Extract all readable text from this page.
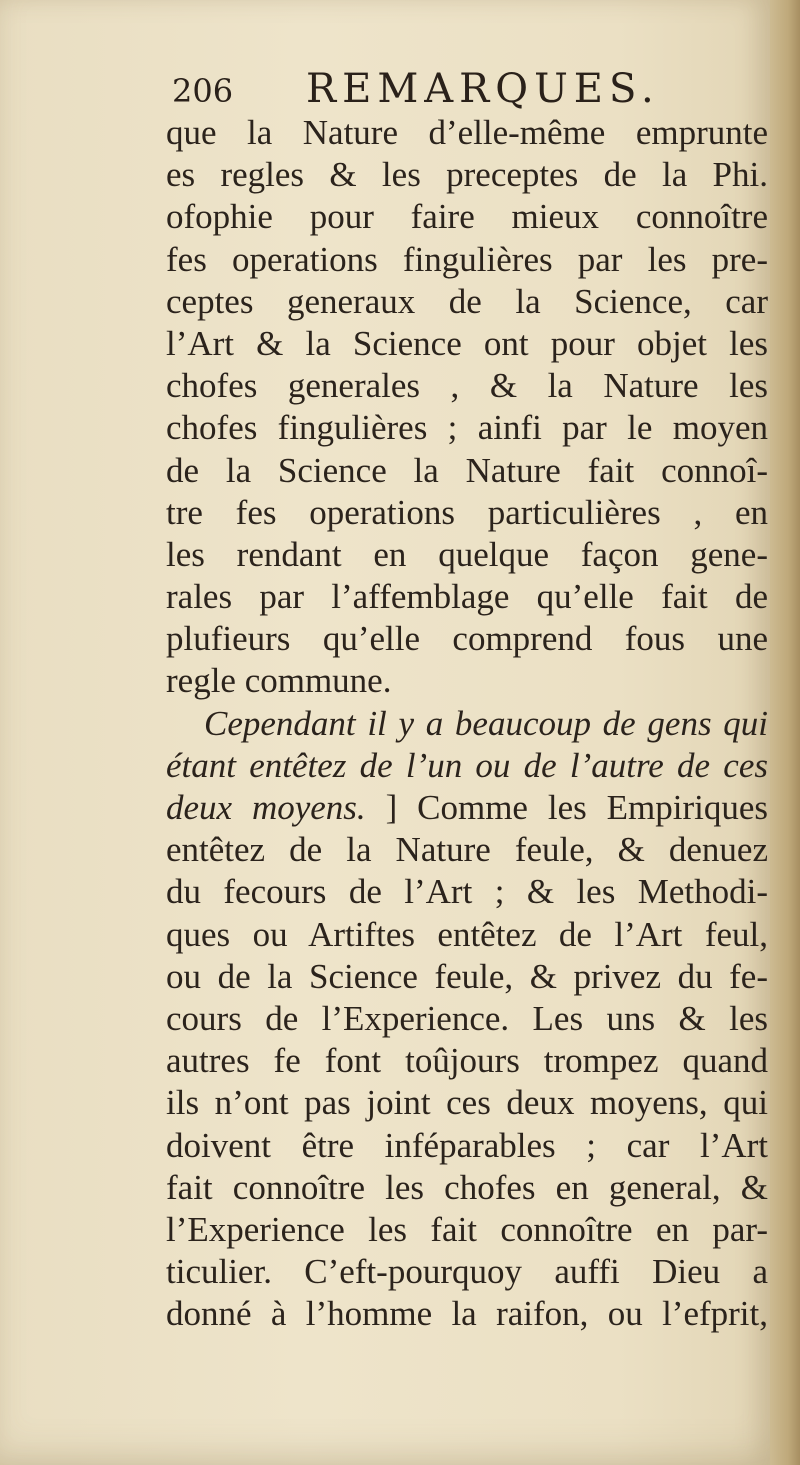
206 REMARQUES.
que la Nature d’elle-même emprunte
es regles & les preceptes de la Phi.
ofophie pour faire mieux connoître
fes operations fingulières par les pre-
ceptes generaux de la Science, car
l’Art & la Science ont pour objet les
chofes generales , & la Nature les
chofes fingulières ; ainfi par le moyen
de la Science la Nature fait connoî-
tre fes operations particulières , en
les rendant en quelque façon gene-
rales par l’affemblage qu’elle fait de
plufieurs qu’elle comprend fous une
regle commune.
Cependant il y a beaucoup de gens qui
étant entêtez de l’un ou de l’autre de ces
deux moyens. ] Comme les Empiriques
entêtez de la Nature feule, & denuez
du fecours de l’Art ; & les Methodi-
ques ou Artiftes entêtez de l’Art feul,
ou de la Science feule, & privez du fe-
cours de l’Experience. Les uns & les
autres fe font toûjours trompez quand
ils n’ont pas joint ces deux moyens, qui
doivent être inféparables ; car l’Art
fait connoître les chofes en general, &
l’Experience les fait connoître en par-
ticulier. C’eft-pourquoy auffi Dieu a
donné à l’homme la raifon, ou l’efprit,
